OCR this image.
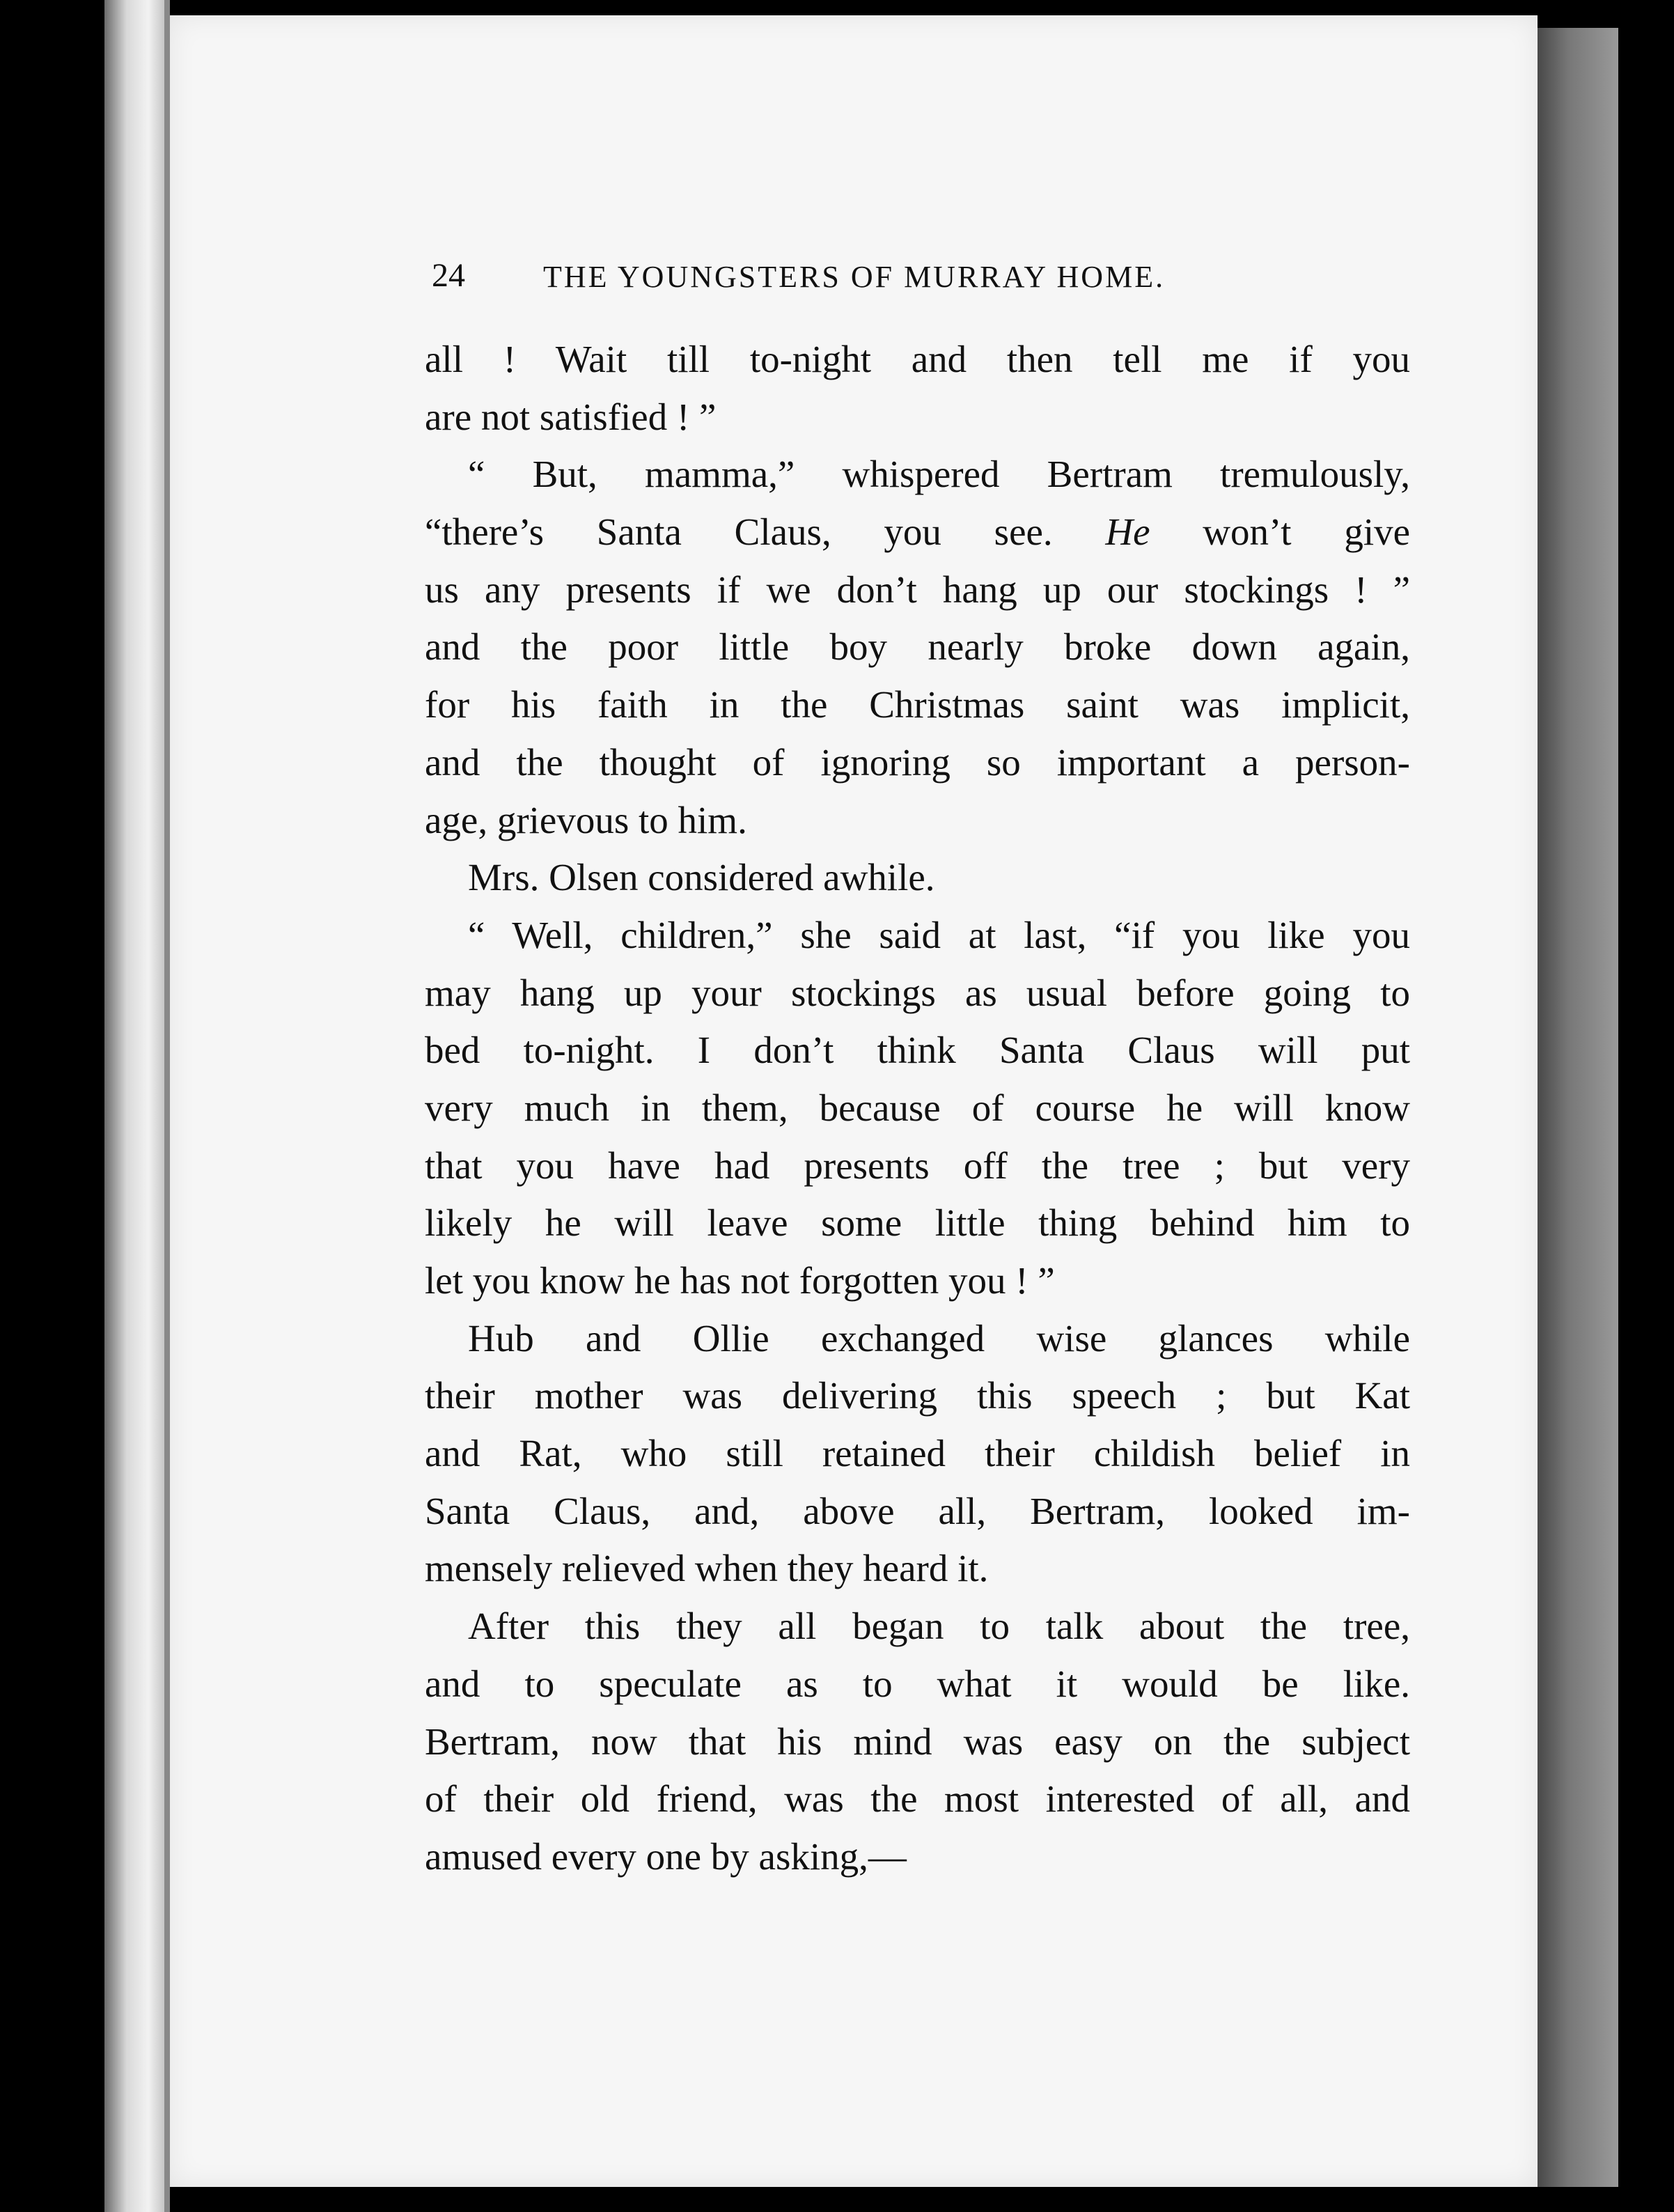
24	THE YOUNGSTERS OF MURRAY HOME.
all ! Wait till to-night and then tell me if you
are not satisfied ! ”
“ But, mamma,” whispered Bertram tremulously,
“there’s Santa Claus, you see. He won’t give
us any presents if we don’t hang up our stockings ! ”
and the poor little boy nearly broke down again,
for his faith in the Christmas saint was implicit,
and the thought of ignoring so important a person-
age, grievous to him.
Mrs. Olsen considered awhile.
“ Well, children,” she said at last, “if you like you
may hang up your stockings as usual before going to
bed to-night. I don’t think Santa Claus will put
very much in them, because of course he will know
that you have had presents off the tree ; but very
likely he will leave some little thing behind him to
let you know he has not forgotten you ! ”
Hub and Ollie exchanged wise glances while
their mother was delivering this speech ; but Kat
and Rat, who still retained their childish belief in
Santa Claus, and, above all, Bertram, looked im-
mensely relieved when they heard it.
After this they all began to talk about the tree,
and to speculate as to what it would be like.
Bertram, now that his mind was easy on the subject
of their old friend, was the most interested of all, and
amused every one by asking,—
